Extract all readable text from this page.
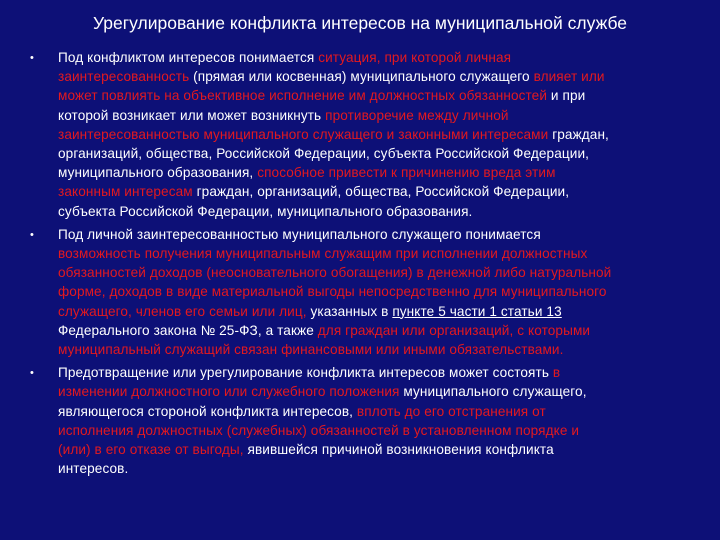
Урегулирование конфликта интересов на муниципальной службе
• Под конфликтом интересов понимается ситуация, при которой личная
заинтересованность (прямая или косвенная) муниципального служащего влияет или
может повлиять на объективное исполнение им должностных обязанностей и при
которой возникает или может возникнуть противоречие между личной
заинтересованностью муниципального служащего и законными интересами граждан,
организаций, общества, Российской Федерации, субъекта Российской Федерации,
муниципального образования, способное привести к причинению вреда этим
законным интересам граждан, организаций, общества, Российской Федерации,
субъекта Российской Федерации, муниципального образования.
• Под личной заинтересованностью муниципального служащего понимается
возможность получения муниципальным служащим при исполнении должностных
обязанностей доходов (неосновательного обогащения) в денежной либо натуральной
форме, доходов в виде материальной выгоды непосредственно для муниципального
служащего, членов его семьи или лиц, указанных в пункте 5 части 1 статьи 13
Федерального закона № 25-ФЗ, а также для граждан или организаций, с которыми
муниципальный служащий связан финансовыми или иными обязательствами.
• Предотвращение или урегулирование конфликта интересов может состоять в
изменении должностного или служебного положения муниципального служащего,
являющегося стороной конфликта интересов, вплоть до его отстранения от
исполнения должностных (служебных) обязанностей в установленном порядке и
(или) в его отказе от выгоды, явившейся причиной возникновения конфликта
интересов.
